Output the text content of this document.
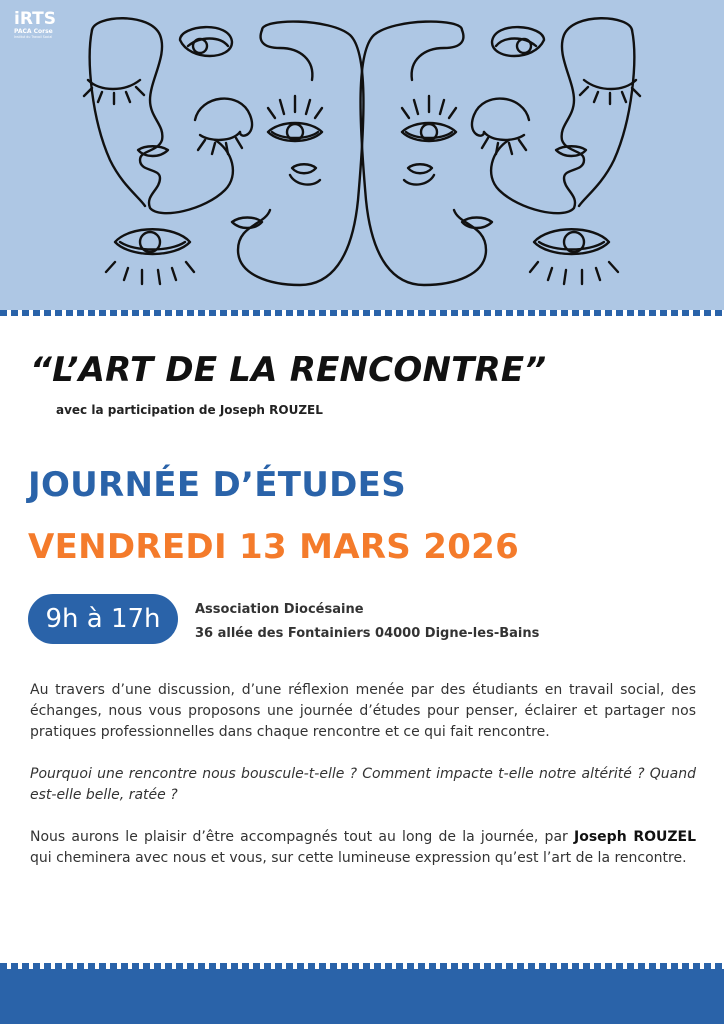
iRTS
PACA Corse
Institut du Travail Social
“L’ART DE LA RENCONTRE”
avec la participation de Joseph ROUZEL
JOURNÉE D’ÉTUDES
VENDREDI 13 MARS 2026
9h à 17h	Association Diocésaine
36 allée des Fontainiers 04000 Digne-les-Bains

Au travers d’une discussion, d’une réflexion menée par des étudiants en travail social, des échanges, nous vous proposons une journée d’études pour penser, éclairer et partager nos pratiques professionnelles dans chaque rencontre et ce qui fait rencontre.

Pourquoi une rencontre nous bouscule-t-elle ? Comment impacte t-elle notre altérité ? Quand est-elle belle, ratée ?

Nous aurons le plaisir d’être accompagnés tout au long de la journée, par Joseph ROUZEL qui cheminera avec nous et vous, sur cette lumineuse expression qu’est l’art de la rencontre.
